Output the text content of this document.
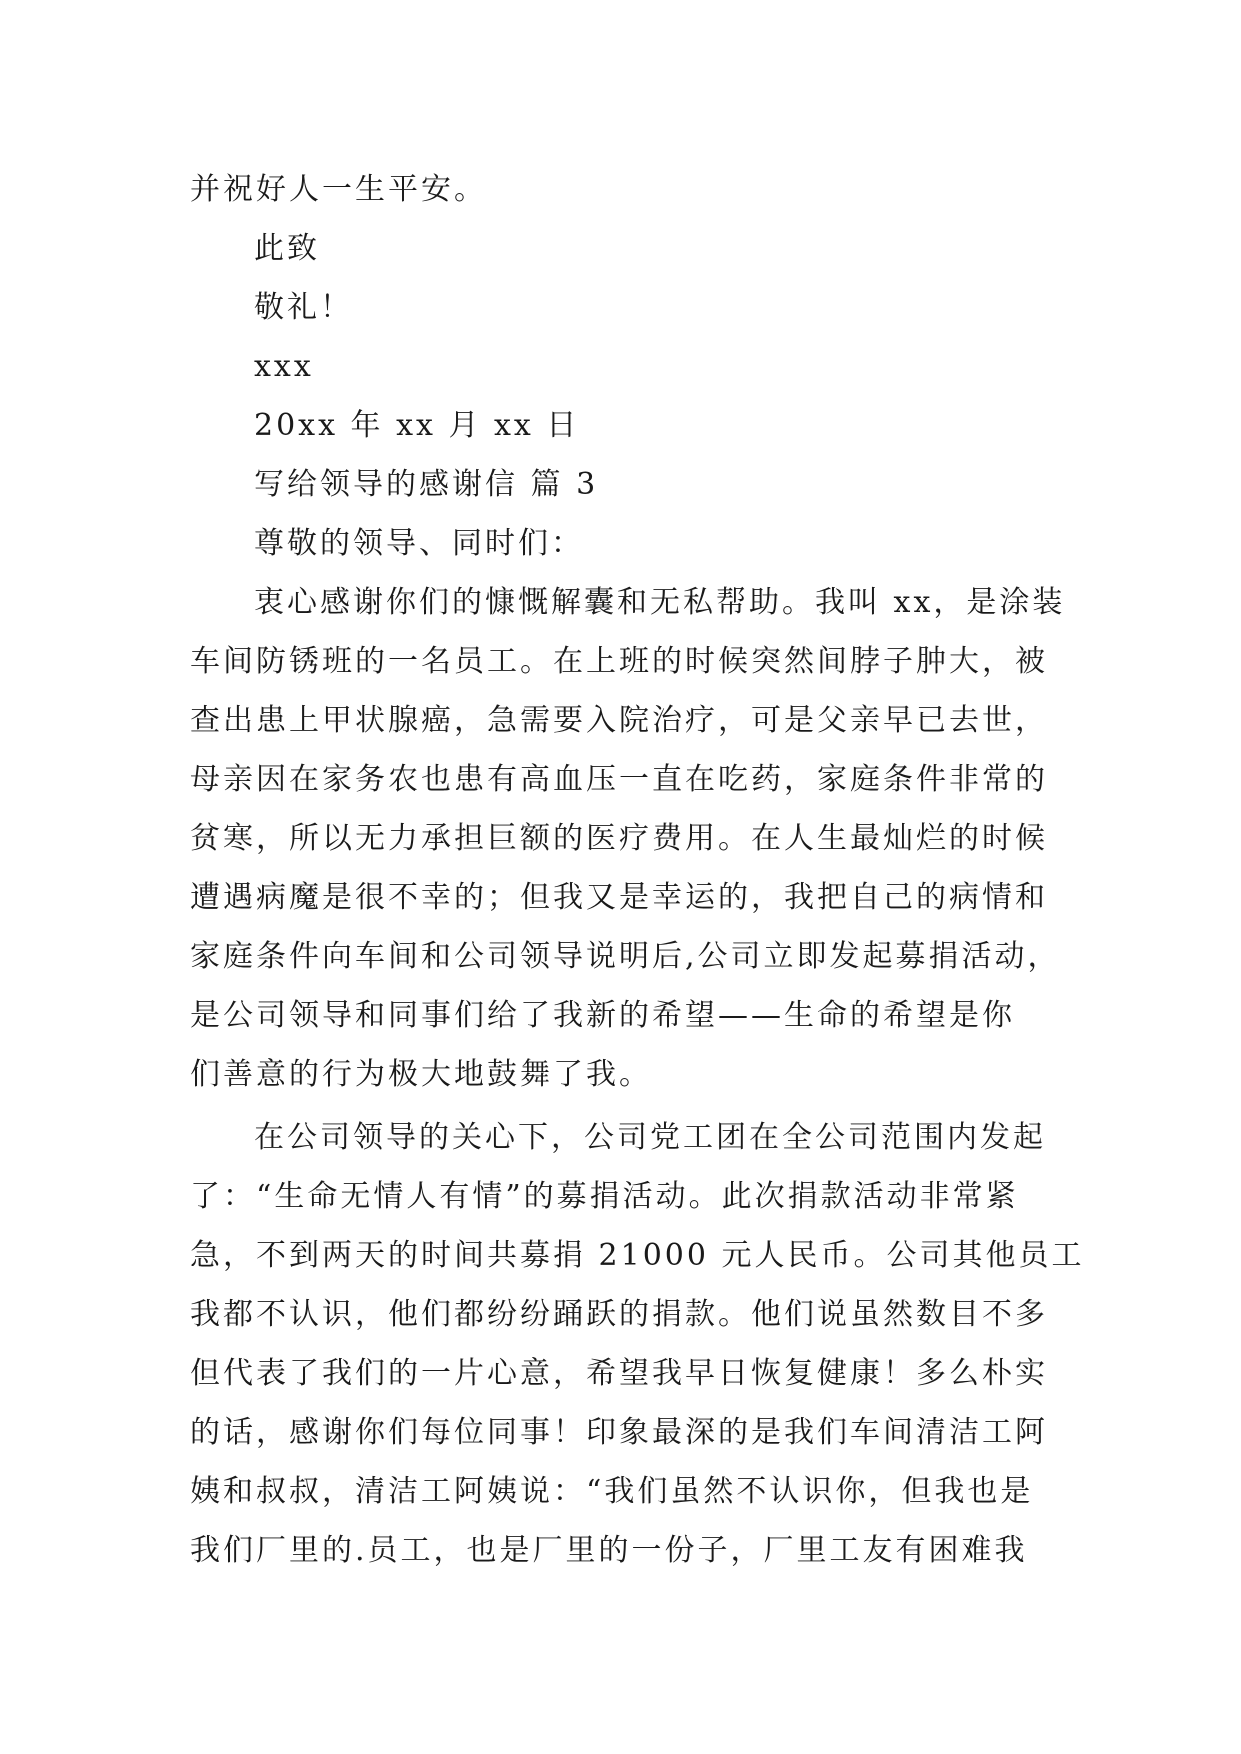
并祝好人一生平安。
此致
敬礼！
xxx
20xx 年 xx 月 xx 日
写给领导的感谢信 篇 3
尊敬的领导、同时们：
衷心感谢你们的慷慨解囊和无私帮助。我叫 xx，是涂装
车间防锈班的一名员工。在上班的时候突然间脖子肿大，被
查出患上甲状腺癌，急需要入院治疗，可是父亲早已去世，
母亲因在家务农也患有高血压一直在吃药，家庭条件非常的
贫寒，所以无力承担巨额的医疗费用。在人生最灿烂的时候
遭遇病魔是很不幸的；但我又是幸运的，我把自己的病情和
家庭条件向车间和公司领导说明后,公司立即发起募捐活动，
是公司领导和同事们给了我新的希望——生命的希望是你
们善意的行为极大地鼓舞了我。
在公司领导的关心下，公司党工团在全公司范围内发起
了：“生命无情人有情”的募捐活动。此次捐款活动非常紧
急，不到两天的时间共募捐 21000 元人民币。公司其他员工
我都不认识，他们都纷纷踊跃的捐款。他们说虽然数目不多
但代表了我们的一片心意，希望我早日恢复健康！多么朴实
的话，感谢你们每位同事！印象最深的是我们车间清洁工阿
姨和叔叔，清洁工阿姨说：“我们虽然不认识你，但我也是
我们厂里的.员工，也是厂里的一份子，厂里工友有困难我
